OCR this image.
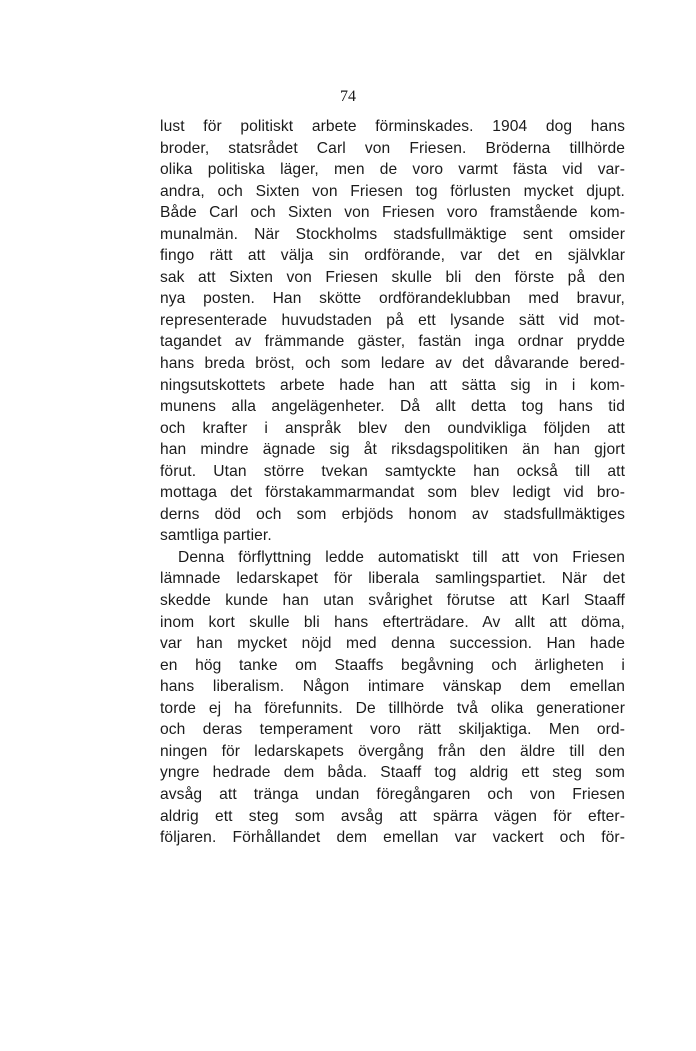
74
lust för politiskt arbete förminskades. 1904 dog hans
broder, statsrådet Carl von Friesen. Bröderna tillhörde
olika politiska läger, men de voro varmt fästa vid var-
andra, och Sixten von Friesen tog förlusten mycket djupt.
Både Carl och Sixten von Friesen voro framstående kom-
munalmän. När Stockholms stadsfullmäktige sent omsider
fingo rätt att välja sin ordförande, var det en självklar
sak att Sixten von Friesen skulle bli den förste på den
nya posten. Han skötte ordförandeklubban med bravur,
representerade huvudstaden på ett lysande sätt vid mot-
tagandet av främmande gäster, fastän inga ordnar prydde
hans breda bröst, och som ledare av det dåvarande bered-
ningsutskottets arbete hade han att sätta sig in i kom-
munens alla angelägenheter. Då allt detta tog hans tid
och krafter i anspråk blev den oundvikliga följden att
han mindre ägnade sig åt riksdagspolitiken än han gjort
förut. Utan större tvekan samtyckte han också till att
mottaga det förstakammarmandat som blev ledigt vid bro-
derns död och som erbjöds honom av stadsfullmäktiges
samtliga partier.
Denna förflyttning ledde automatiskt till att von Friesen
lämnade ledarskapet för liberala samlingspartiet. När det
skedde kunde han utan svårighet förutse att Karl Staaff
inom kort skulle bli hans efterträdare. Av allt att döma,
var han mycket nöjd med denna succession. Han hade
en hög tanke om Staaffs begåvning och ärligheten i
hans liberalism. Någon intimare vänskap dem emellan
torde ej ha förefunnits. De tillhörde två olika generationer
och deras temperament voro rätt skiljaktiga. Men ord-
ningen för ledarskapets övergång från den äldre till den
yngre hedrade dem båda. Staaff tog aldrig ett steg som
avsåg att tränga undan föregångaren och von Friesen
aldrig ett steg som avsåg att spärra vägen för efter-
följaren. Förhållandet dem emellan var vackert och för-
